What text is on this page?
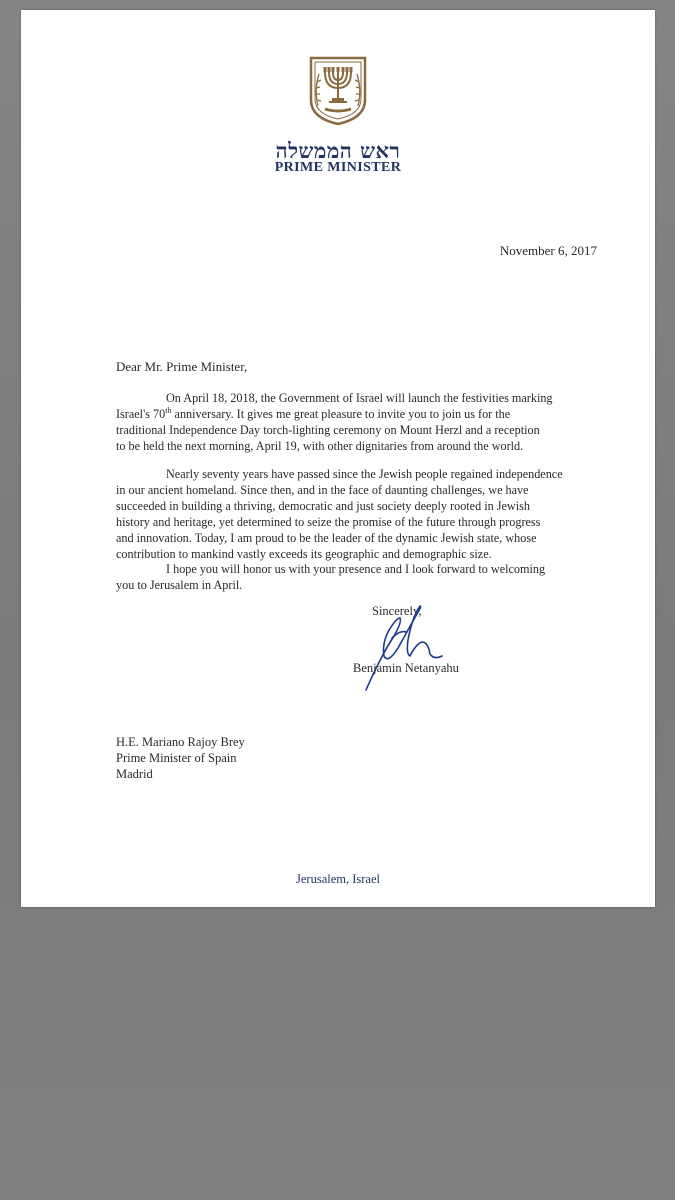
ראש הממשלה
PRIME MINISTER
November 6, 2017
Dear Mr. Prime Minister,
On April 18, 2018, the Government of Israel will launch the festivities marking
Israel's 70th anniversary. It gives me great pleasure to invite you to join us for the
traditional Independence Day torch-lighting ceremony on Mount Herzl and a reception
to be held the next morning, April 19, with other dignitaries from around the world.
Nearly seventy years have passed since the Jewish people regained independence
in our ancient homeland. Since then, and in the face of daunting challenges, we have
succeeded in building a thriving, democratic and just society deeply rooted in Jewish
history and heritage, yet determined to seize the promise of the future through progress
and innovation. Today, I am proud to be the leader of the dynamic Jewish state, whose
contribution to mankind vastly exceeds its geographic and demographic size.
I hope you will honor us with your presence and I look forward to welcoming
you to Jerusalem in April.
Sincerely,
Benjamin Netanyahu
H.E. Mariano Rajoy Brey
Prime Minister of Spain
Madrid
Jerusalem, Israel
